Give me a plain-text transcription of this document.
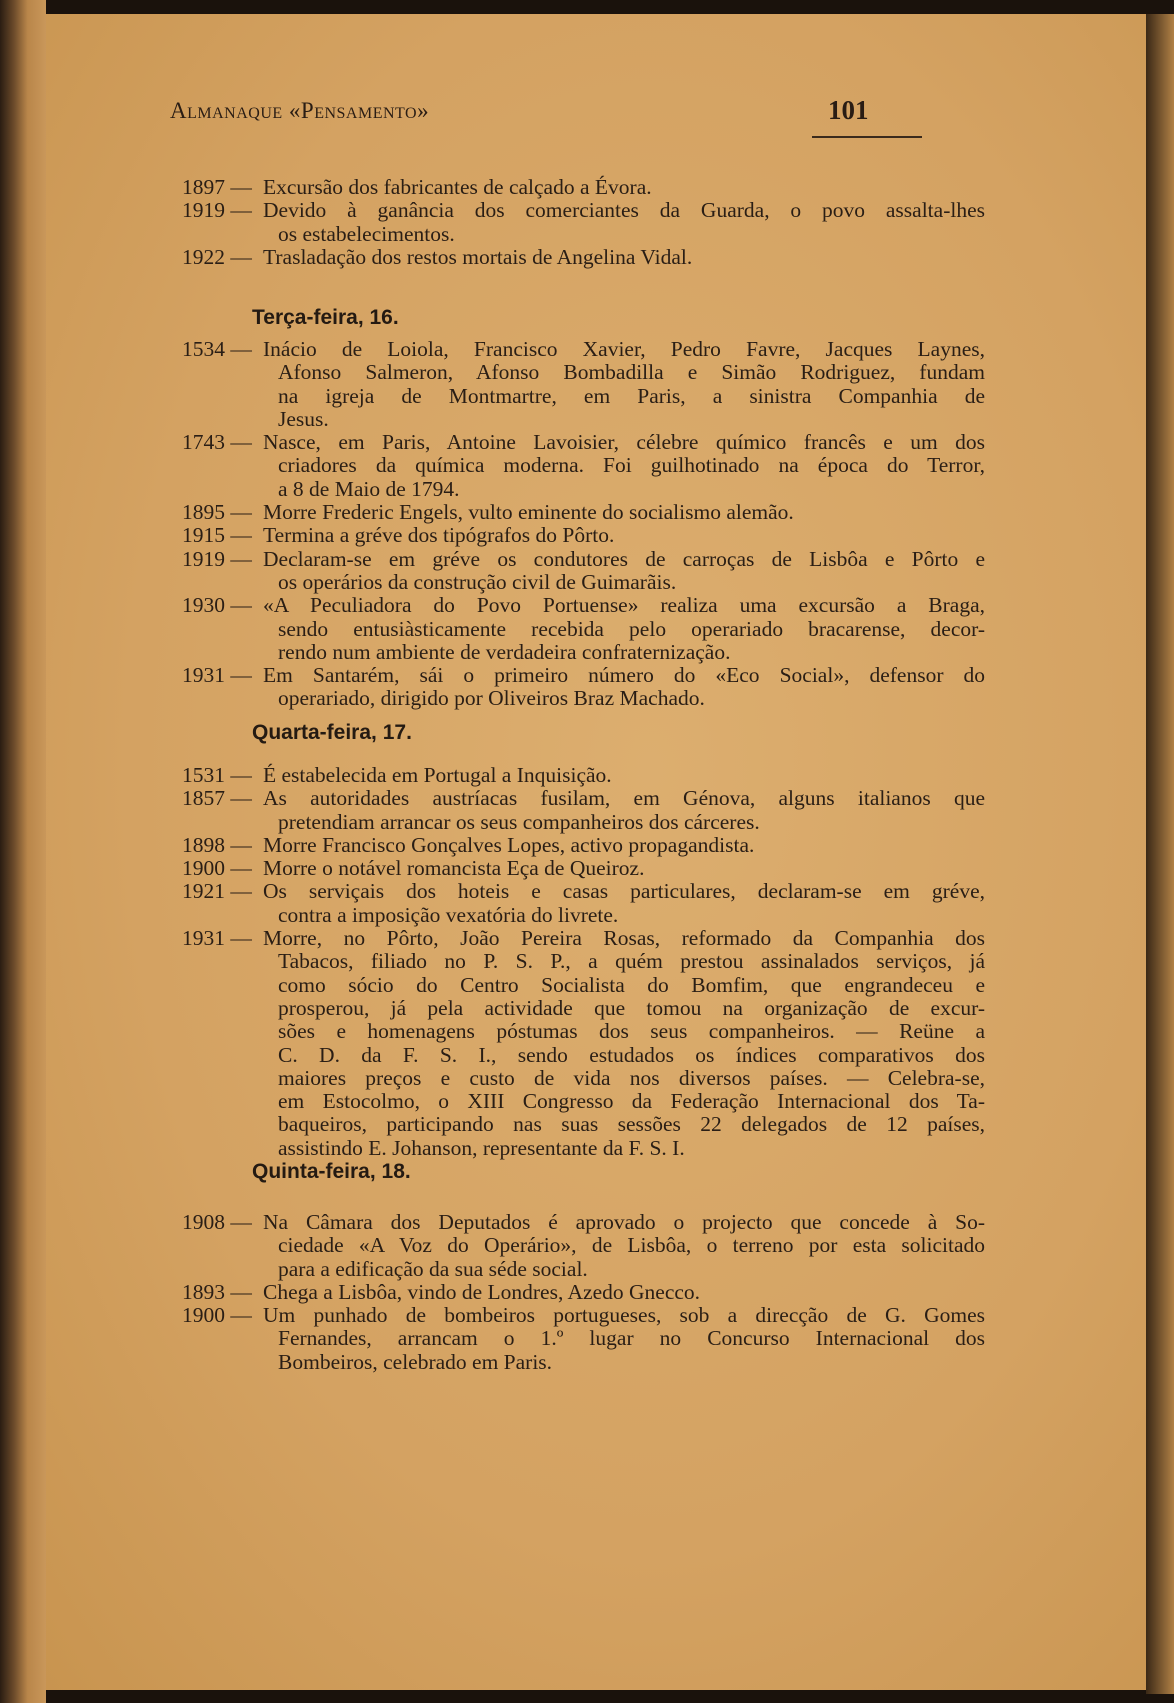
Almanaque «Pensamento»	101
1897 — Excursão dos fabricantes de calçado a Évora.
1919 — Devido à ganância dos comerciantes da Guarda, o povo assalta-lhes
os estabelecimentos.
1922 — Trasladação dos restos mortais de Angelina Vidal.
Terça-feira, 16.
1534 — Inácio de Loiola, Francisco Xavier, Pedro Favre, Jacques Laynes,
Afonso Salmeron, Afonso Bombadilla e Simão Rodriguez, fundam
na igreja de Montmartre, em Paris, a sinistra Companhia de
Jesus.
1743 — Nasce, em Paris, Antoine Lavoisier, célebre químico francês e um dos
criadores da química moderna. Foi guilhotinado na época do Terror,
a 8 de Maio de 1794.
1895 — Morre Frederic Engels, vulto eminente do socialismo alemão.
1915 — Termina a gréve dos tipógrafos do Pôrto.
1919 — Declaram-se em gréve os condutores de carroças de Lisbôa e Pôrto e
os operários da construção civil de Guimarãis.
1930 — «A Peculiadora do Povo Portuense» realiza uma excursão a Braga,
sendo entusiàsticamente recebida pelo operariado bracarense, decor-
rendo num ambiente de verdadeira confraternização.
1931 — Em Santarém, sái o primeiro número do «Eco Social», defensor do
operariado, dirigido por Oliveiros Braz Machado.
Quarta-feira, 17.
1531 — É estabelecida em Portugal a Inquisição.
1857 — As autoridades austríacas fusilam, em Génova, alguns italianos que
pretendiam arrancar os seus companheiros dos cárceres.
1898 — Morre Francisco Gonçalves Lopes, activo propagandista.
1900 — Morre o notável romancista Eça de Queiroz.
1921 — Os serviçais dos hoteis e casas particulares, declaram-se em gréve,
contra a imposição vexatória do livrete.
1931 — Morre, no Pôrto, João Pereira Rosas, reformado da Companhia dos
Tabacos, filiado no P. S. P., a quém prestou assinalados serviços, já
como sócio do Centro Socialista do Bomfim, que engrandeceu e
prosperou, já pela actividade que tomou na organização de excur-
sões e homenagens póstumas dos seus companheiros. — Reüne a
C. D. da F. S. I., sendo estudados os índices comparativos dos
maiores preços e custo de vida nos diversos países. — Celebra-se,
em Estocolmo, o XIII Congresso da Federação Internacional dos Ta-
baqueiros, participando nas suas sessões 22 delegados de 12 países,
assistindo E. Johanson, representante da F. S. I.
Quinta-feira, 18.
1908 — Na Câmara dos Deputados é aprovado o projecto que concede à So-
ciedade «A Voz do Operário», de Lisbôa, o terreno por esta solicitado
para a edificação da sua séde social.
1893 — Chega a Lisbôa, vindo de Londres, Azedo Gnecco.
1900 — Um punhado de bombeiros portugueses, sob a direcção de G. Gomes
Fernandes, arrancam o 1.º lugar no Concurso Internacional dos
Bombeiros, celebrado em Paris.
